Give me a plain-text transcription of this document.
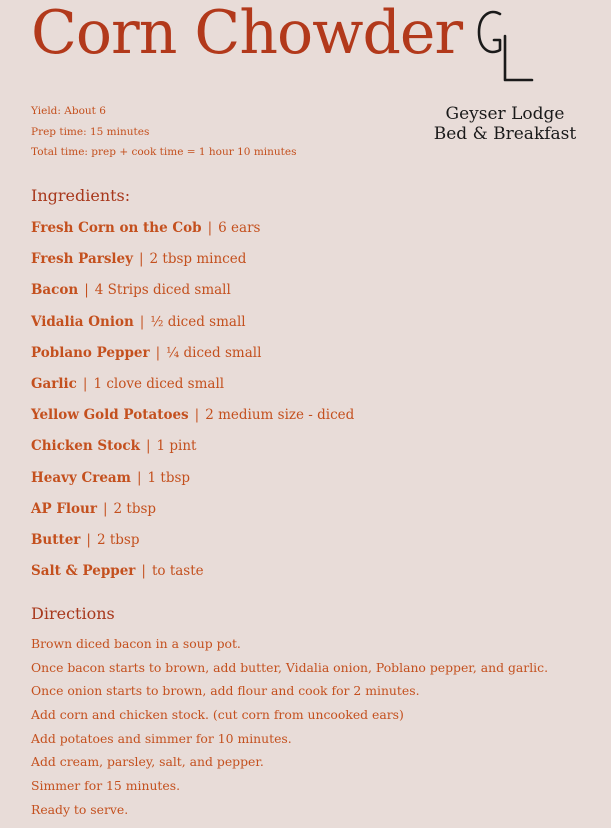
Corn Chowder
Geyser Lodge
Bed & Breakfast
Yield: About 6
Prep time: 15 minutes
Total time: prep + cook time = 1 hour 10 minutes
Ingredients:
Fresh Corn on the Cob | 6 ears
Fresh Parsley | 2 tbsp minced
Bacon | 4 Strips diced small
Vidalia Onion | ½ diced small
Poblano Pepper | ¼ diced small
Garlic | 1 clove diced small
Yellow Gold Potatoes | 2 medium size - diced
Chicken Stock | 1 pint
Heavy Cream | 1 tbsp
AP Flour | 2 tbsp
Butter | 2 tbsp
Salt & Pepper | to taste
Directions
Brown diced bacon in a soup pot.
Once bacon starts to brown, add butter, Vidalia onion, Poblano pepper, and garlic.
Once onion starts to brown, add flour and cook for 2 minutes.
Add corn and chicken stock. (cut corn from uncooked ears)
Add potatoes and simmer for 10 minutes.
Add cream, parsley, salt, and pepper.
Simmer for 15 minutes.
Ready to serve.
